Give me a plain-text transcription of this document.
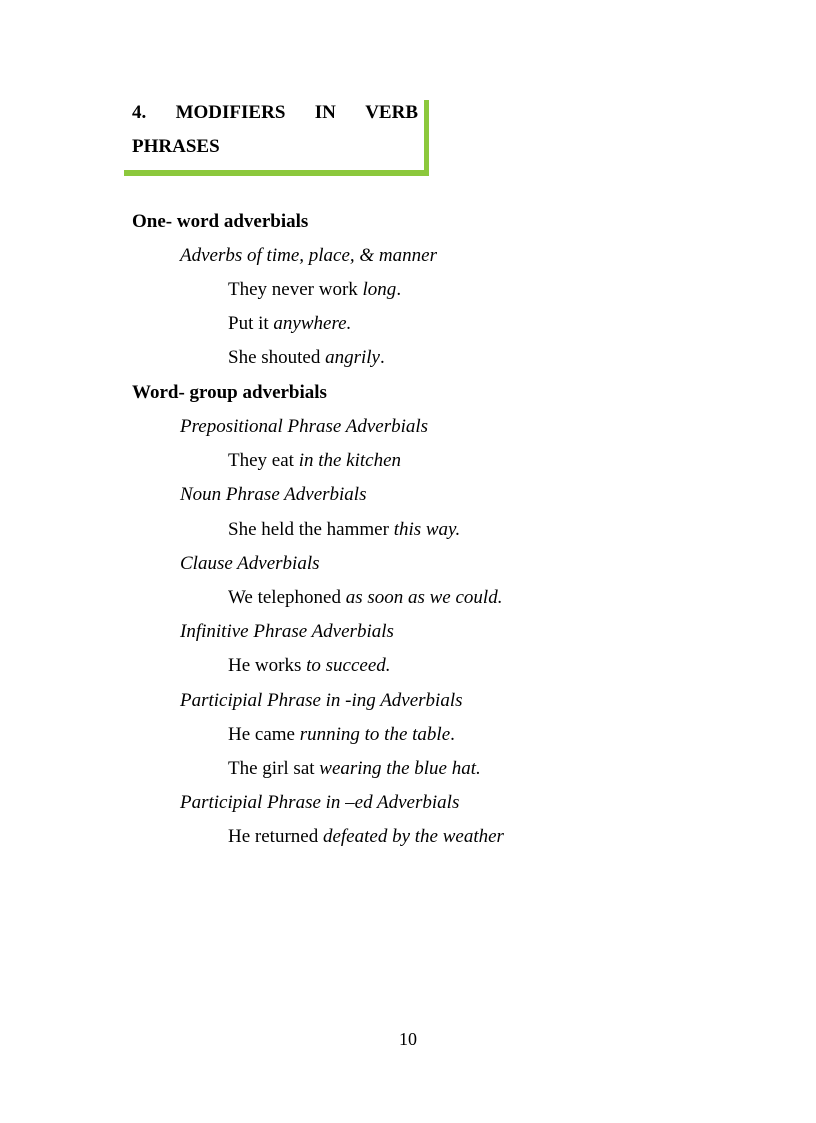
4. MODIFIERS IN VERB
PHRASES
One- word adverbials
Adverbs of time, place, & manner
They never work long.
Put it anywhere.
She shouted angrily.
Word- group adverbials
Prepositional Phrase Adverbials
They eat in the kitchen
Noun Phrase Adverbials
She held the hammer this way.
Clause Adverbials
We telephoned as soon as we could.
Infinitive Phrase Adverbials
He works to succeed.
Participial Phrase in -ing Adverbials
He came running to the table.
The girl sat wearing the blue hat.
Participial Phrase in –ed Adverbials
He returned defeated by the weather
10
